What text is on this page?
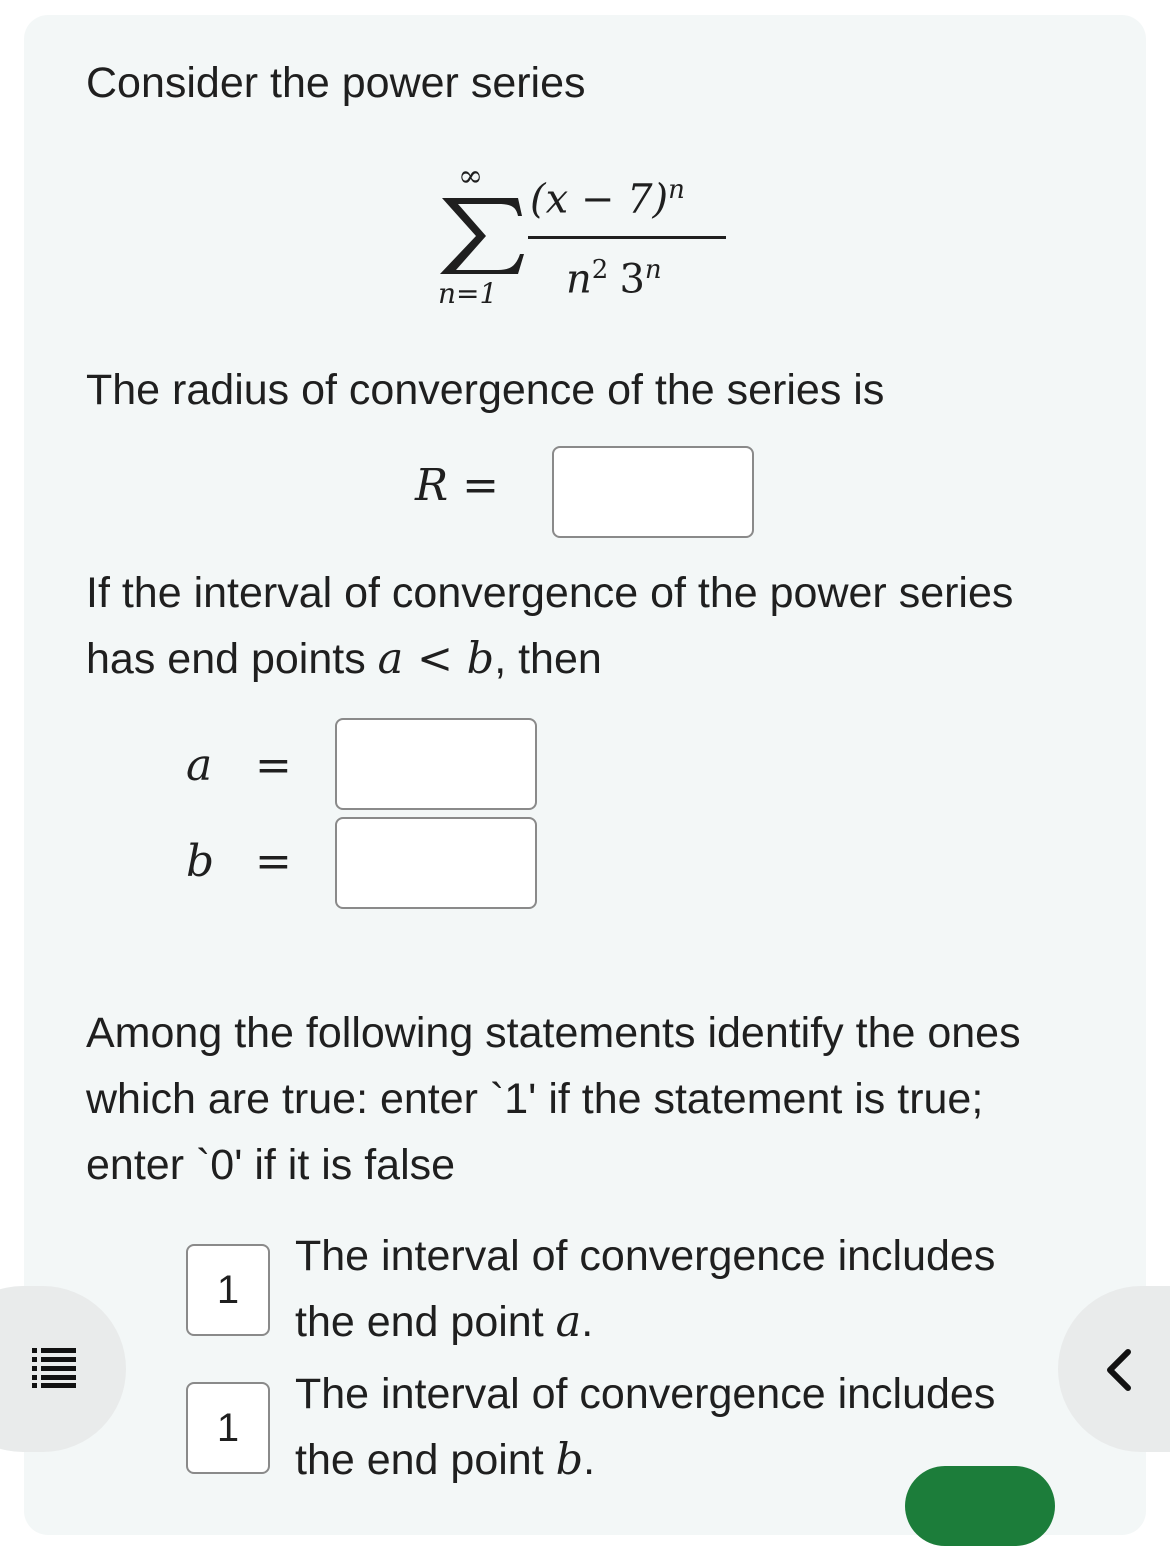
Consider the power series
∞
n=1
$(x - 7)^n$
$n^2$ 3$^n$
The radius of convergence of the series is
R =
If the interval of convergence of the power series
has end points a < b, then
a =
b =
Among the following statements identify the ones
which are true: enter `1' if the statement is true;
enter `0' if it is false
1
The interval of convergence includes
the end point a.
1
The interval of convergence includes
the end point b.
